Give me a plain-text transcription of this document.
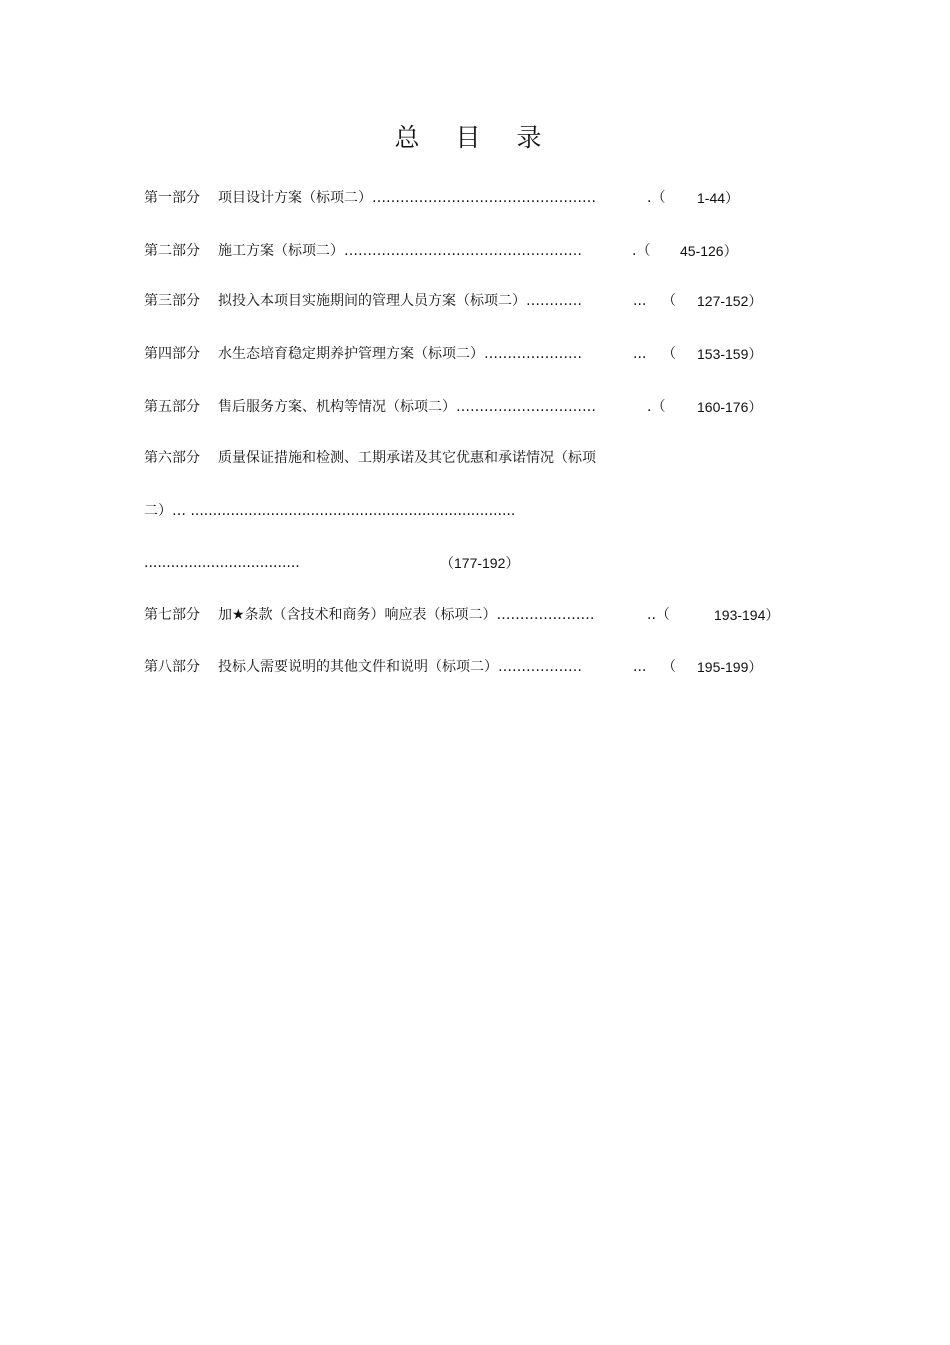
总 目 录
第一部分 项目设计方案（标项二）…………………………………………	.（ 1-44）
第二部分 施工方案（标项二）……………………………………………	.（ 45-126）
第三部分 拟投入本项目实施期间的管理人员方案（标项二）…………	... （ 127-152）
第四部分 水生态培育稳定期养护管理方案（标项二）…………………	... （ 153-159）
第五部分 售后服务方案、机构等情况（标项二）…………………………	.（ 160-176）
第六部分 质量保证措施和检测、工期承诺及其它优惠和承诺情况（标项
二）… .........................................................................
...................................	（177-192）
第七部分 加★条款（含技术和商务）响应表（标项二）…………………	..（	193-194）
第八部分 投标人需要说明的其他文件和说明（标项二）………………	... （ 195-199）
